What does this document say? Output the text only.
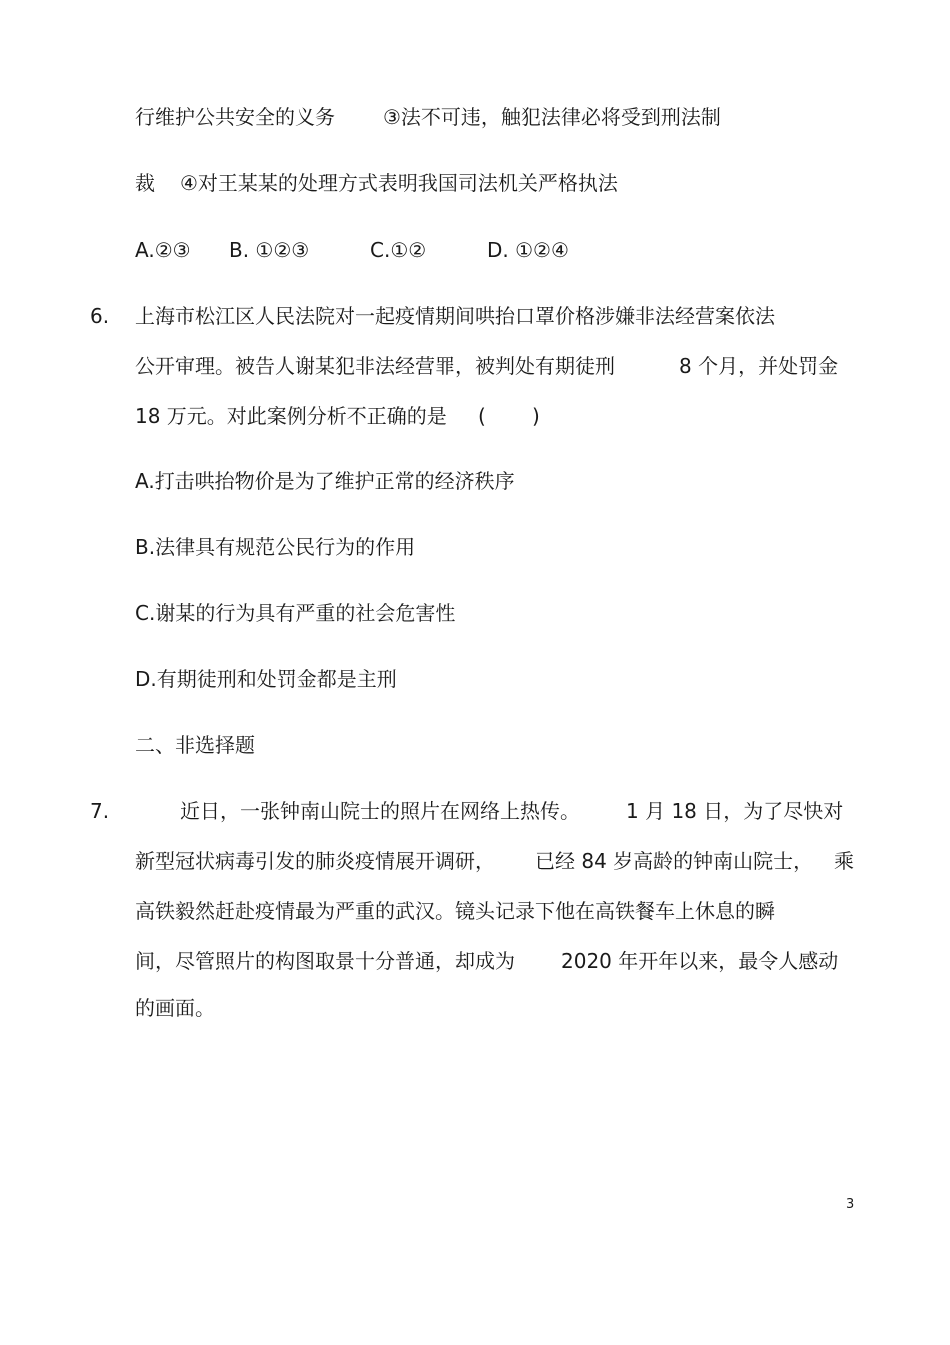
行维护公共安全的义务 ③法不可违，触犯法律必将受到刑法制
裁 ④对王某某的处理方式表明我国司法机关严格执法
A.②③ B. ①②③	C.①②	D. ①②④
6. 上海市松江区人民法院对一起疫情期间哄抬口罩价格涉嫌非法经营案依法
公开审理。被告人谢某犯非法经营罪，被判处有期徒刑	8 个月，并处罚金
18 万元。对此案例分析不正确的是 ( )
A.打击哄抬物价是为了维护正常的经济秩序
B.法律具有规范公民行为的作用
C.谢某的行为具有严重的社会危害性
D.有期徒刑和处罚金都是主刑
二、非选择题
7.	近日，一张钟南山院士的照片在网络上热传。 1 月 18 日，为了尽快对
新型冠状病毒引发的肺炎疫情展开调研， 已经 84 岁高龄的钟南山院士， 乘
高铁毅然赶赴疫情最为严重的武汉。镜头记录下他在高铁餐车上休息的瞬
间，尽管照片的构图取景十分普通，却成为 2020 年开年以来，最令人感动
的画面。
3
